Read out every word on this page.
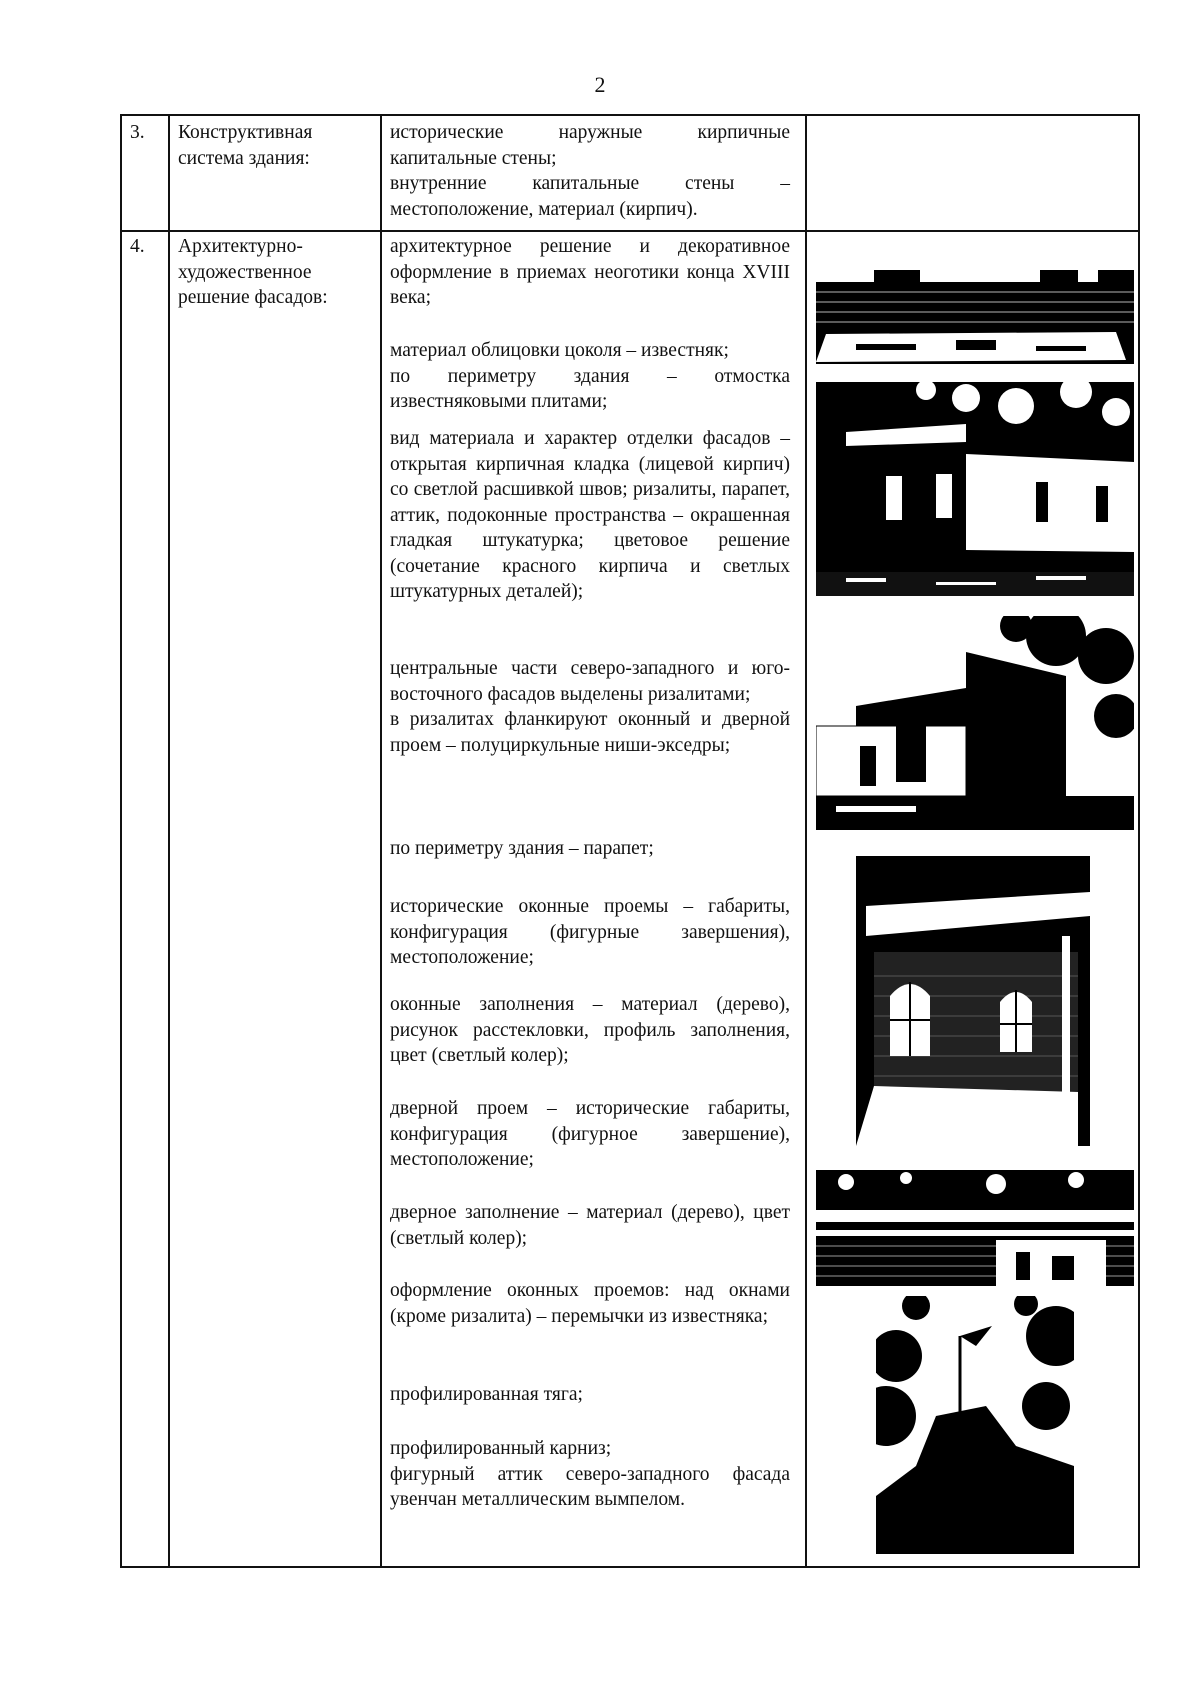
2
3. Конструктивная система здания:

исторические наружные кирпичные капитальные стены;

внутренние капитальные стены – местоположение, материал (кирпич).

4. Архитектурно-художественное решение фасадов:

архитектурное решение и декоративное оформление в приемах неоготики конца XVIII века;

материал облицовки цоколя – известняк;

по периметру здания – отмостка известняковыми плитами;

вид материала и характер отделки фасадов – открытая кирпичная кладка (лицевой кирпич) со светлой расшивкой швов; ризалиты, парапет, аттик, подоконные пространства – окрашенная гладкая штукатурка; цветовое решение (сочетание красного кирпича и светлых штукатурных деталей);

центральные части северо-западного и юго-восточного фасадов выделены ризалитами;

в ризалитах фланкируют оконный и дверной проем – полуциркульные ниши-экседры;

по периметру здания – парапет;

исторические оконные проемы – габариты, конфигурация (фигурные завершения), местоположение;

оконные заполнения – материал (дерево), рисунок расстекловки, профиль заполнения, цвет (светлый колер);

дверной проем – исторические габариты, конфигурация (фигурное завершение), местоположение;

дверное заполнение – материал (дерево), цвет (светлый колер);

оформление оконных проемов: над окнами (кроме ризалита) – перемычки из известняка;

профилированная тяга;

профилированный карниз;

фигурный аттик северо-западного фасада увенчан металлическим вымпелом.
